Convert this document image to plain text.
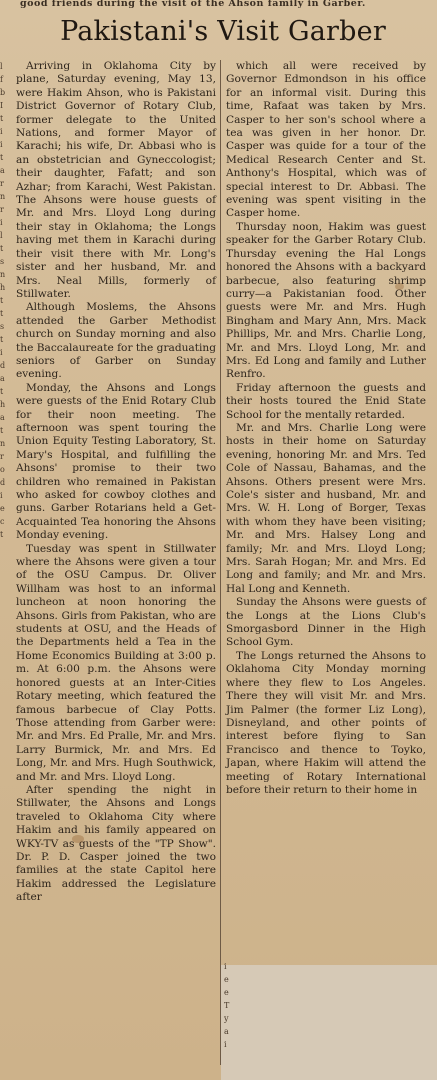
good friends during the visit of the Ahson family in Garber.
Pakistani's Visit Garber
l
f
b
I
t
i
i
t
a
r
n
r
i
l
t
s
n
h
t
t
s
t
i
d
a
t
h
a
t
n
r
o
d
i
e
c
t

Arriving in Oklahoma City by plane, Saturday evening, May 13, were Hakim Ahson, who is Pakistani District Governor of Rotary Club, former delegate to the United Nations, and former Mayor of Karachi; his wife, Dr. Abbasi who is an obstetrician and Gyneccologist; their daughter, Fafatt; and son Azhar; from Karachi, West Pakistan. The Ahsons were house guests of Mr. and Mrs. Lloyd Long during their stay in Oklahoma; the Longs having met them in Karachi during their visit there with Mr. Long's sister and her husband, Mr. and Mrs. Neal Mills, formerly of Stillwater.

Although Moslems, the Ahsons attended the Garber Methodist church on Sunday morning and also the Baccalaureate for the graduating seniors of Garber on Sunday evening.

Monday, the Ahsons and Longs were guests of the Enid Rotary Club for their noon meeting. The afternoon was spent touring the Union Equity Testing Laboratory, St. Mary's Hospital, and fulfilling the Ahsons' promise to their two children who remained in Pakistan who asked for cowboy clothes and guns. Garber Rotarians held a Get-Acquainted Tea honoring the Ahsons Monday evening.

Tuesday was spent in Stillwater where the Ahsons were given a tour of the OSU Campus. Dr. Oliver Willham was host to an informal luncheon at noon honoring the Ahsons. Girls from Pakistan, who are students at OSU, and the Heads of the Departments held a Tea in the Home Economics Building at 3:00 p. m. At 6:00 p.m. the Ahsons were honored guests at an Inter-Cities Rotary meeting, which featured the famous barbecue of Clay Potts. Those attending from Garber were: Mr. and Mrs. Ed Pralle, Mr. and Mrs. Larry Burmick, Mr. and Mrs. Ed Long, Mr. and Mrs. Hugh Southwick, and Mr. and Mrs. Lloyd Long.

After spending the night in Stillwater, the Ahsons and Longs traveled to Oklahoma City where Hakim and his family appeared on WKY-TV as guests of the "TP Show". Dr. P. D. Casper joined the two families at the state Capitol here Hakim addressed the Legislature after

which all were received by Governor Edmondson in his office for an informal visit. During this time, Rafaat was taken by Mrs. Casper to her son's school where a tea was given in her honor. Dr. Casper was quide for a tour of the Medical Research Center and St. Anthony's Hospital, which was of special interest to Dr. Abbasi. The evening was spent visiting in the Casper home.

Thursday noon, Hakim was guest speaker for the Garber Rotary Club. Thursday evening the Hal Longs honored the Ahsons with a backyard barbecue, also featuring shrimp curry—a Pakistanian food. Other guests were Mr. and Mrs. Hugh Bingham and Mary Ann, Mrs. Mack Phillips, Mr. and Mrs. Charlie Long, Mr. and Mrs. Lloyd Long, Mr. and Mrs. Ed Long and family and Luther Renfro.

Friday afternoon the guests and their hosts toured the Enid State School for the mentally retarded.

Mr. and Mrs. Charlie Long were hosts in their home on Saturday evening, honoring Mr. and Mrs. Ted Cole of Nassau, Bahamas, and the Ahsons. Others present were Mrs. Cole's sister and husband, Mr. and Mrs. W. H. Long of Borger, Texas with whom they have been visiting; Mr. and Mrs. Halsey Long and family; Mr. and Mrs. Lloyd Long; Mrs. Sarah Hogan; Mr. and Mrs. Ed Long and family; and Mr. and Mrs. Hal Long and Kenneth.

Sunday the Ahsons were guests of the Longs at the Lions Club's Smorgasbord Dinner in the High School Gym.

The Longs returned the Ahsons to Oklahoma City Monday morning where they flew to Los Angeles. There they will visit Mr. and Mrs. Jim Palmer (the former Liz Long), Disneyland, and other points of interest before flying to San Francisco and thence to Toyko, Japan, where Hakim will attend the meeting of Rotary International before their return to their home in

i
e
e
T
y
a
i
